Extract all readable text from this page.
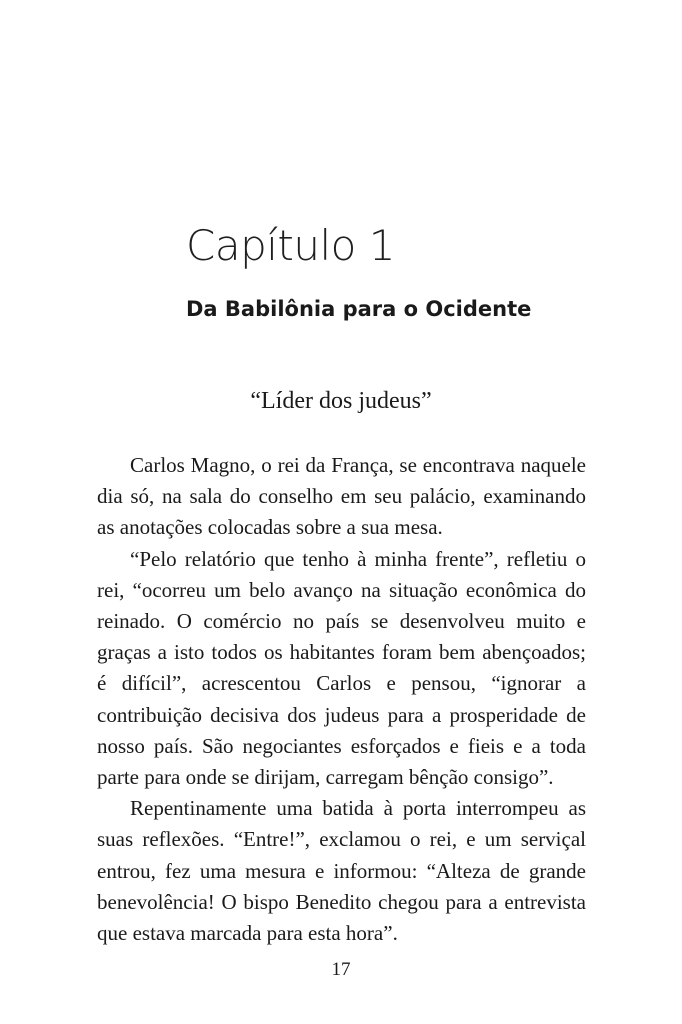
Capítulo 1
Da Babilônia para o Ocidente
“Líder dos judeus”

Carlos Magno, o rei da França, se encontrava naquele dia só, na sala do conselho em seu palácio, examinando as anotações colocadas sobre a sua mesa.

“Pelo relatório que tenho à minha frente”, refletiu o rei, “ocorreu um belo avanço na situação econômica do reinado. O comércio no país se desenvolveu muito e graças a isto todos os habitantes foram bem abençoados; é difícil”, acrescentou Carlos e pensou, “ignorar a contribuição decisiva dos judeus para a prosperidade de nosso país. São negociantes esforçados e fieis e a toda parte para onde se dirijam, carregam bênção consigo”.

Repentinamente uma batida à porta interrompeu as suas reflexões. “Entre!”, exclamou o rei, e um serviçal entrou, fez uma mesura e informou: “Alteza de grande benevolência! O bispo Benedito chegou para a entrevista que estava marcada para esta hora”.

17
